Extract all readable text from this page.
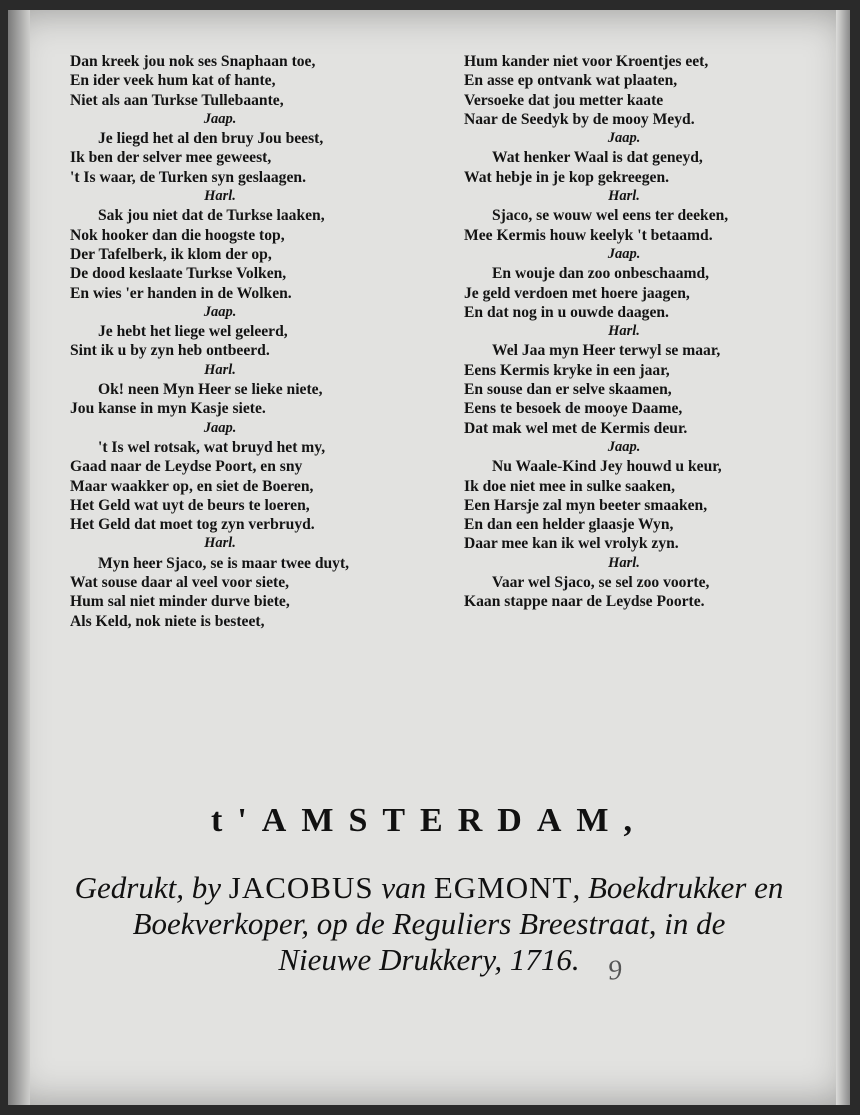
Dan kreek jou nok ses Snaphaan toe,
En ider veek hum kat of hante,
Niet als aan Turkse Tullebaante,
Jaap.
Je liegd het al den bruy Jou beest,
Ik ben der selver mee geweest,
't Is waar, de Turken syn geslaagen.
Harl.
Sak jou niet dat de Turkse laaken,
Nok hooker dan die hoogste top,
Der Tafelberk, ik klom der op,
De dood keslaate Turkse Volken,
En wies 'er handen in de Wolken.
Jaap.
Je hebt het liege wel geleerd,
Sint ik u by zyn heb ontbeerd.
Harl.
Ok! neen Myn Heer se lieke niete,
Jou kanse in myn Kasje siete.
Jaap.
't Is wel rotsak, wat bruyd het my,
Gaad naar de Leydse Poort, en sny
Maar waakker op, en siet de Boeren,
Het Geld wat uyt de beurs te loeren,
Het Geld dat moet tog zyn verbruyd.
Harl.
Myn heer Sjaco, se is maar twee duyt,
Wat souse daar al veel voor siete,
Hum sal niet minder durve biete,
Als Keld, nok niete is besteet,
Hum kander niet voor Kroentjes eet,
En asse ep ontvank wat plaaten,
Versoeke dat jou metter kaate
Naar de Seedyk by de mooy Meyd.
Jaap.
Wat henker Waal is dat geneyd,
Wat hebje in je kop gekreegen.
Harl.
Sjaco, se wouw wel eens ter deeken,
Mee Kermis houw keelyk 't betaamd.
Jaap.
En wouje dan zoo onbeschaamd,
Je geld verdoen met hoere jaagen,
En dat nog in u ouwde daagen.
Harl.
Wel Jaa myn Heer terwyl se maar,
Eens Kermis kryke in een jaar,
En souse dan er selve skaamen,
Eens te besoek de mooye Daame,
Dat mak wel met de Kermis deur.
Jaap.
Nu Waale-Kind Jey houwd u keur,
Ik doe niet mee in sulke saaken,
Een Harsje zal myn beeter smaaken,
En dan een helder glaasje Wyn,
Daar mee kan ik wel vrolyk zyn.
Harl.
Vaar wel Sjaco, se sel zoo voorte,
Kaan stappe naar de Leydse Poorte.
t'AMSTERDAM,
Gedrukt, by JACOBUS van EGMONT, Boekdrukker en
Boekverkoper, op de Reguliers Breestraat, in de
Nieuwe Drukkery, 1716. 9
